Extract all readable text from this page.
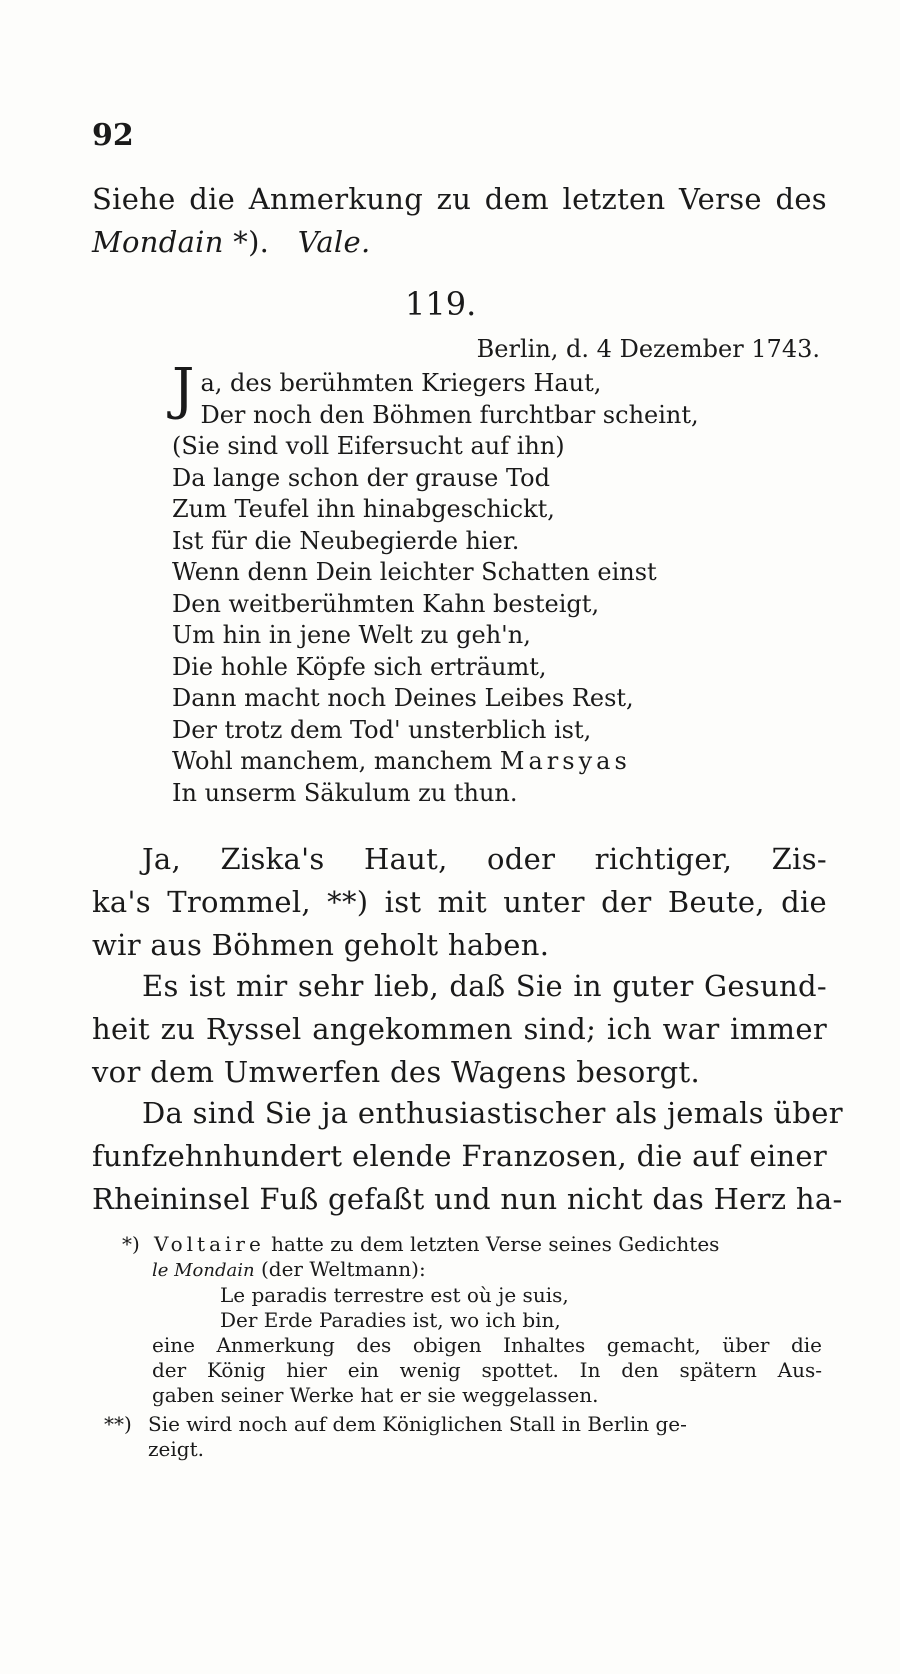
92
Siehe die Anmerkung zu dem letzten Verse des
Mondain *). Vale.
119.
Berlin, d. 4 Dezember 1743.
J a, des berühmten Kriegers Haut,
Der noch den Böhmen furchtbar scheint,
(Sie sind voll Eifersucht auf ihn)
Da lange schon der grause Tod
Zum Teufel ihn hinabgeschickt,
Ist für die Neubegierde hier.
Wenn denn Dein leichter Schatten einst
Den weitberühmten Kahn besteigt,
Um hin in jene Welt zu geh'n,
Die hohle Köpfe sich erträumt,
Dann macht noch Deines Leibes Rest,
Der trotz dem Tod' unsterblich ist,
Wohl manchem, manchem Marsyas
In unserm Säkulum zu thun.
Ja, Ziska's Haut, oder richtiger, Zis-
ka's Trommel, **) ist mit unter der Beute, die
wir aus Böhmen geholt haben.
Es ist mir sehr lieb, daß Sie in guter Gesund-
heit zu Ryssel angekommen sind; ich war immer
vor dem Umwerfen des Wagens besorgt.
Da sind Sie ja enthusiastischer als jemals über
funfzehnhundert elende Franzosen, die auf einer
Rheininsel Fuß gefaßt und nun nicht das Herz ha-
*) Voltaire hatte zu dem letzten Verse seines Gedichtes
le Mondain (der Weltmann):
Le paradis terrestre est où je suis,
Der Erde Paradies ist, wo ich bin,
eine Anmerkung des obigen Inhaltes gemacht, über die
der König hier ein wenig spottet. In den spätern Aus-
gaben seiner Werke hat er sie weggelassen.
**) Sie wird noch auf dem Königlichen Stall in Berlin ge-
zeigt.
